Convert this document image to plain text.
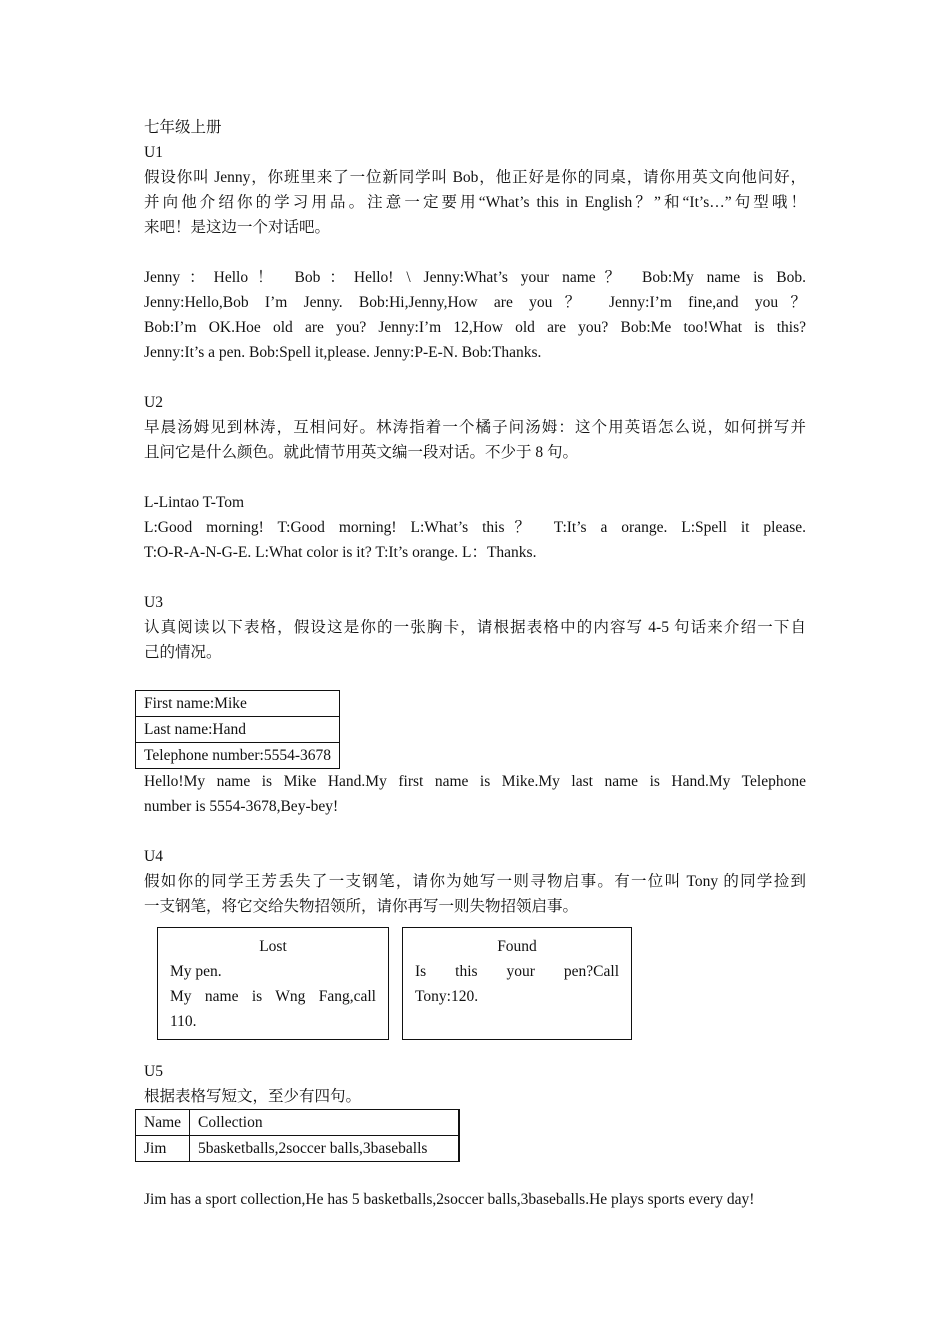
七年级上册

U1

假设你叫 Jenny，你班里来了一位新同学叫 Bob，他正好是你的同桌，请你用英文向他问好，

并向他介绍你的学习用品。注意一定要用“What’s this in English？”和“It’s…”句型哦！

来吧！是这边一个对话吧。

Jenny：Hello！ Bob：Hello! \ Jenny:What’s your name？ Bob:My name is Bob.

Jenny:Hello,Bob I’m Jenny. Bob:Hi,Jenny,How are you？ Jenny:I’m fine,and you？

Bob:I’m OK.Hoe old are you? Jenny:I’m 12,How old are you? Bob:Me too!What is this?

Jenny:It’s a pen. Bob:Spell it,please. Jenny:P-E-N. Bob:Thanks.

U2

早晨汤姆见到林涛，互相问好。林涛指着一个橘子问汤姆：这个用英语怎么说，如何拼写并

且问它是什么颜色。就此情节用英文编一段对话。不少于 8 句。

L-Lintao T-Tom

L:Good morning! T:Good morning! L:What’s this？ T:It’s a orange. L:Spell it please.

T:O-R-A-N-G-E. L:What color is it? T:It’s orange. L：Thanks.

U3

认真阅读以下表格，假设这是你的一张胸卡，请根据表格中的内容写 4-5 句话来介绍一下自

己的情况。

First name:Mike
Last name:Hand
Telephone number:5554-3678

Hello!My name is Mike Hand.My first name is Mike.My last name is Hand.My Telephone

number is 5554-3678,Bey-bey!

U4

假如你的同学王芳丢失了一支钢笔，请你为她写一则寻物启事。有一位叫 Tony 的同学捡到

一支钢笔，将它交给失物招领所，请你再写一则失物招领启事。

Lost
My pen.
My name is Wng Fang,call
110.
Found
Is this your pen?Call
Tony:120.

U5

根据表格写短文，至少有四句。

Name	Collection
Jim	5basketballs,2soccer balls,3baseballs

Jim has a sport collection,He has 5 basketballs,2soccer balls,3baseballs.He plays sports every day!
